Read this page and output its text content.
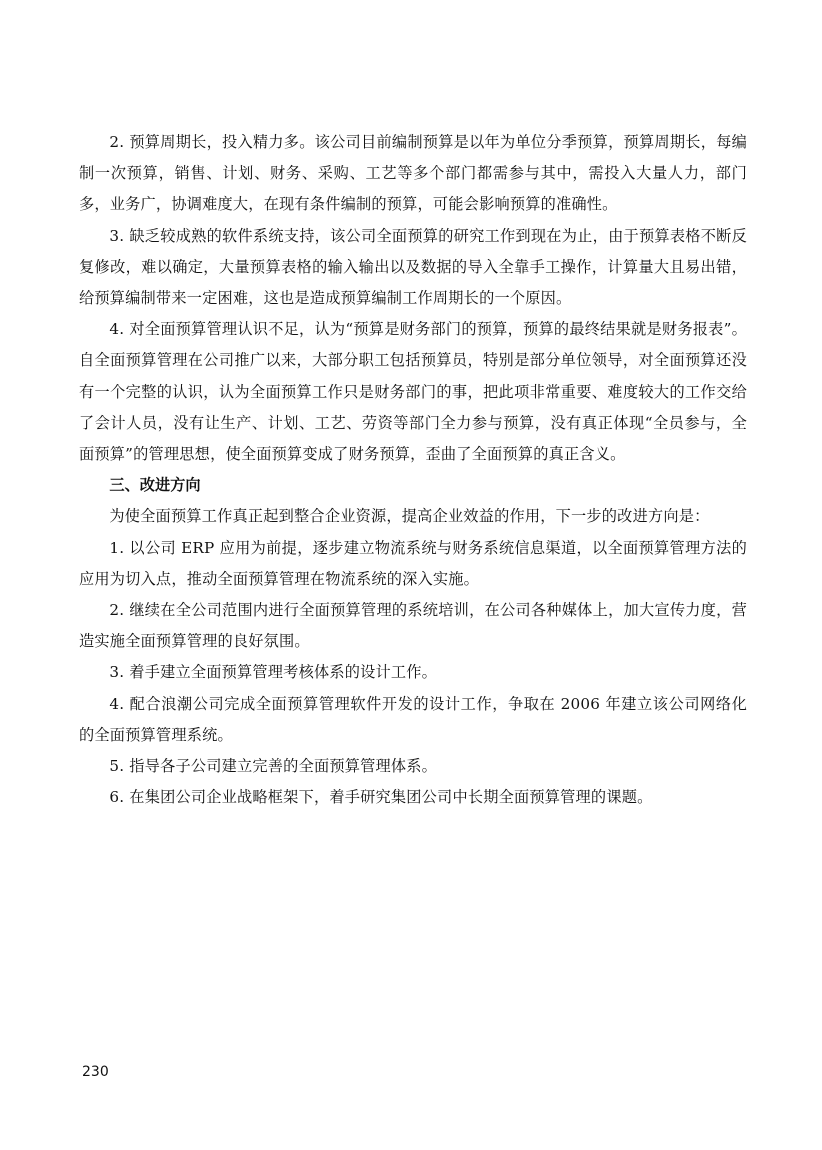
2. 预算周期长，投入精力多。该公司目前编制预算是以年为单位分季预算，预算周期长，每编制一次预算，销售、计划、财务、采购、工艺等多个部门都需参与其中，需投入大量人力，部门多，业务广，协调难度大，在现有条件编制的预算，可能会影响预算的准确性。

3. 缺乏较成熟的软件系统支持，该公司全面预算的研究工作到现在为止，由于预算表格不断反复修改，难以确定，大量预算表格的输入输出以及数据的导入全靠手工操作，计算量大且易出错，给预算编制带来一定困难，这也是造成预算编制工作周期长的一个原因。

4. 对全面预算管理认识不足，认为“预算是财务部门的预算，预算的最终结果就是财务报表”。自全面预算管理在公司推广以来，大部分职工包括预算员，特别是部分单位领导，对全面预算还没有一个完整的认识，认为全面预算工作只是财务部门的事，把此项非常重要、难度较大的工作交给了会计人员，没有让生产、计划、工艺、劳资等部门全力参与预算，没有真正体现“全员参与，全面预算”的管理思想，使全面预算变成了财务预算，歪曲了全面预算的真正含义。

三、改进方向

为使全面预算工作真正起到整合企业资源，提高企业效益的作用，下一步的改进方向是：

1. 以公司 ERP 应用为前提，逐步建立物流系统与财务系统信息渠道，以全面预算管理方法的应用为切入点，推动全面预算管理在物流系统的深入实施。

2. 继续在全公司范围内进行全面预算管理的系统培训，在公司各种媒体上，加大宣传力度，营造实施全面预算管理的良好氛围。

3. 着手建立全面预算管理考核体系的设计工作。

4. 配合浪潮公司完成全面预算管理软件开发的设计工作，争取在 2006 年建立该公司网络化的全面预算管理系统。

5. 指导各子公司建立完善的全面预算管理体系。

6. 在集团公司企业战略框架下，着手研究集团公司中长期全面预算管理的课题。

230
